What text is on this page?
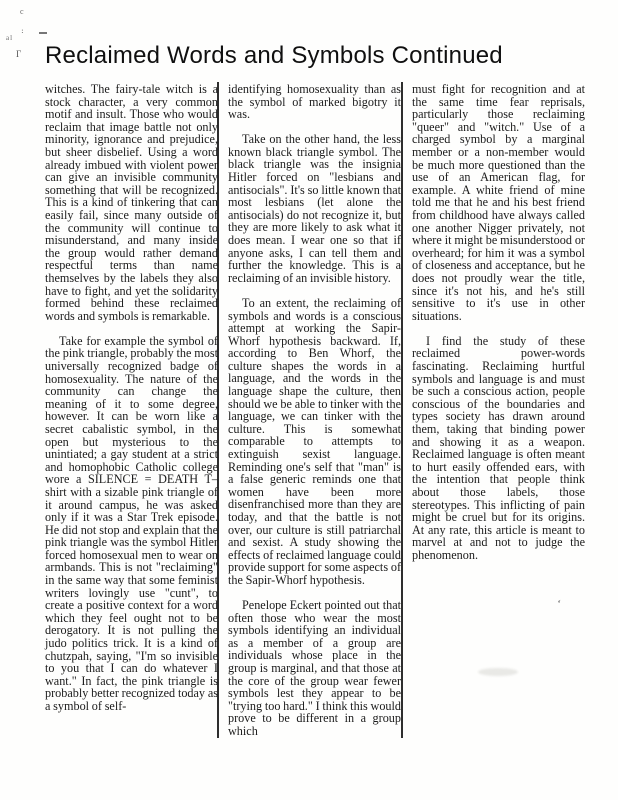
Reclaimed Words and Symbols Continued

witches. The fairy-tale witch is a stock character, a very common motif and insult. Those who would reclaim that image battle not only minority, ignorance and prejudice, but sheer disbelief. Using a word already imbued with violent power can give an invisible community something that will be recognized. This is a kind of tinkering that can easily fail, since many outside of the community will continue to misunderstand, and many inside the group would rather demand respectful terms than name themselves by the labels they also have to fight, and yet the solidarity formed behind these reclaimed words and symbols is remarkable.

Take for example the symbol of the pink triangle, probably the most universally recognized badge of homosexuality. The nature of the community can change the meaning of it to some degree, however. It can be worn like a secret cabalistic symbol, in the open but mysterious to the unintiated; a gay student at a strict and homophobic Catholic college wore a SILENCE = DEATH T–shirt with a sizable pink triangle of it around campus, he was asked only if it was a Star Trek episode. He did not stop and explain that the pink triangle was the symbol Hitler forced homosexual men to wear on armbands. This is not "reclaiming" in the same way that some feminist writers lovingly use "cunt", to create a positive context for a word which they feel ought not to be derogatory. It is not pulling the judo politics trick. It is a kind of chutzpah, saying, "I'm so invisible to you that I can do whatever I want." In fact, the pink triangle is probably better recognized today as a symbol of self-

identifying homosexuality than as the symbol of marked bigotry it was.

Take on the other hand, the less known black triangle symbol. The black triangle was the insignia Hitler forced on "lesbians and antisocials". It's so little known that most lesbians (let alone the antisocials) do not recognize it, but they are more likely to ask what it does mean. I wear one so that if anyone asks, I can tell them and further the knowledge. This is a reclaiming of an invisible history.

To an extent, the reclaiming of symbols and words is a conscious attempt at working the Sapir-Whorf hypothesis backward. If, according to Ben Whorf, the culture shapes the words in a language, and the words in the language shape the culture, then should we be able to tinker with the language, we can tinker with the culture. This is somewhat comparable to attempts to extinguish sexist language. Reminding one's self that "man" is a false generic reminds one that women have been more disenfranchised more than they are today, and that the battle is not over, our culture is still patriarchal and sexist. A study showing the effects of reclaimed language could provide support for some aspects of the Sapir-Whorf hypothesis.

Penelope Eckert pointed out that often those who wear the most symbols identifying an individual as a member of a group are individuals whose place in the group is marginal, and that those at the core of the group wear fewer symbols lest they appear to be "trying too hard." I think this would prove to be different in a group which

must fight for recognition and at the same time fear reprisals, particularly those reclaiming "queer" and "witch." Use of a charged symbol by a marginal member or a non-member would be much more questioned than the use of an American flag, for example. A white friend of mine told me that he and his best friend from childhood have always called one another Nigger privately, not where it might be misunderstood or overheard; for him it was a symbol of closeness and acceptance, but he does not proudly wear the title, since it's not his, and he's still sensitive to it's use in other situations.

I find the study of these reclaimed power-words fascinating. Reclaiming hurtful symbols and language is and must be such a conscious action, people conscious of the boundaries and types society has drawn around them, taking that binding power and showing it as a weapon. Reclaimed language is often meant to hurt easily offended ears, with the intention that people think about those labels, those stereotypes. This inflicting of pain might be cruel but for its origins. At any rate, this article is meant to marvel at and not to judge the phenomenon.

c
al
։
Γ
ʻ
